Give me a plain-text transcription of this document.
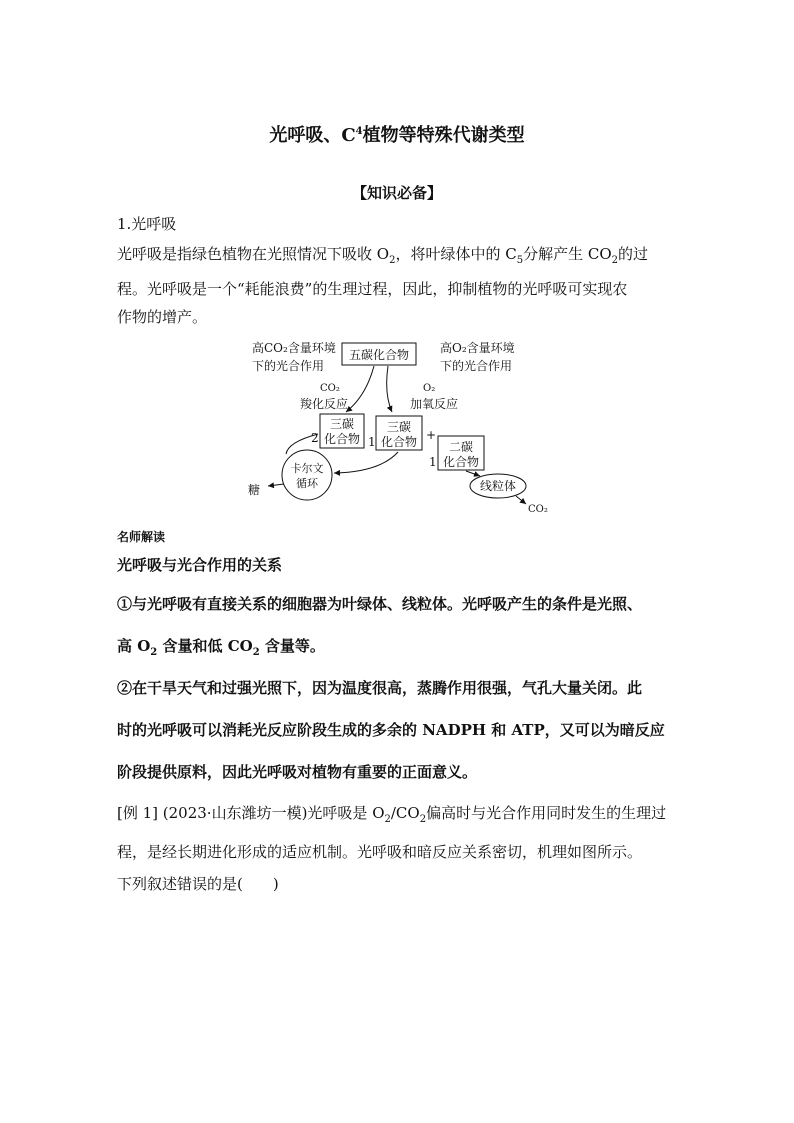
光呼吸、$C^4$植物等特殊代谢类型
【知识必备】
1.光呼吸
光呼吸是指绿色植物在光照情况下吸收 $O_2$，将叶绿体中的 $C_5$分解产生 $CO_2$的过
程。光呼吸是一个“耗能浪费”的生理过程，因此，抑制植物的光呼吸可实现农
作物的增产。
高CO₂含量环境
下的光合作用
五碳化合物	高O₂含量环境
下的光合作用
CO₂
羧化反应
O₂
加氧反应
三碳
化合物
2
三碳
化合物
1	+
二碳
化合物
1
卡尔文
循环
糖	线粒体
CO₂
名师解读
光呼吸与光合作用的关系
①与光呼吸有直接关系的细胞器为叶绿体、线粒体。光呼吸产生的条件是光照、
高 $O_2$ 含量和低 $CO_2$ 含量等。
②在干旱天气和过强光照下，因为温度很高，蒸腾作用很强，气孔大量关闭。此
时的光呼吸可以消耗光反应阶段生成的多余的 NADPH 和 ATP，又可以为暗反应
阶段提供原料，因此光呼吸对植物有重要的正面意义。
[例 1] (2023·山东潍坊一模)光呼吸是 $O_2/CO_2$偏高时与光合作用同时发生的生理过
程，是经长期进化形成的适应机制。光呼吸和暗反应关系密切，机理如图所示。
下列叙述错误的是(　　)
